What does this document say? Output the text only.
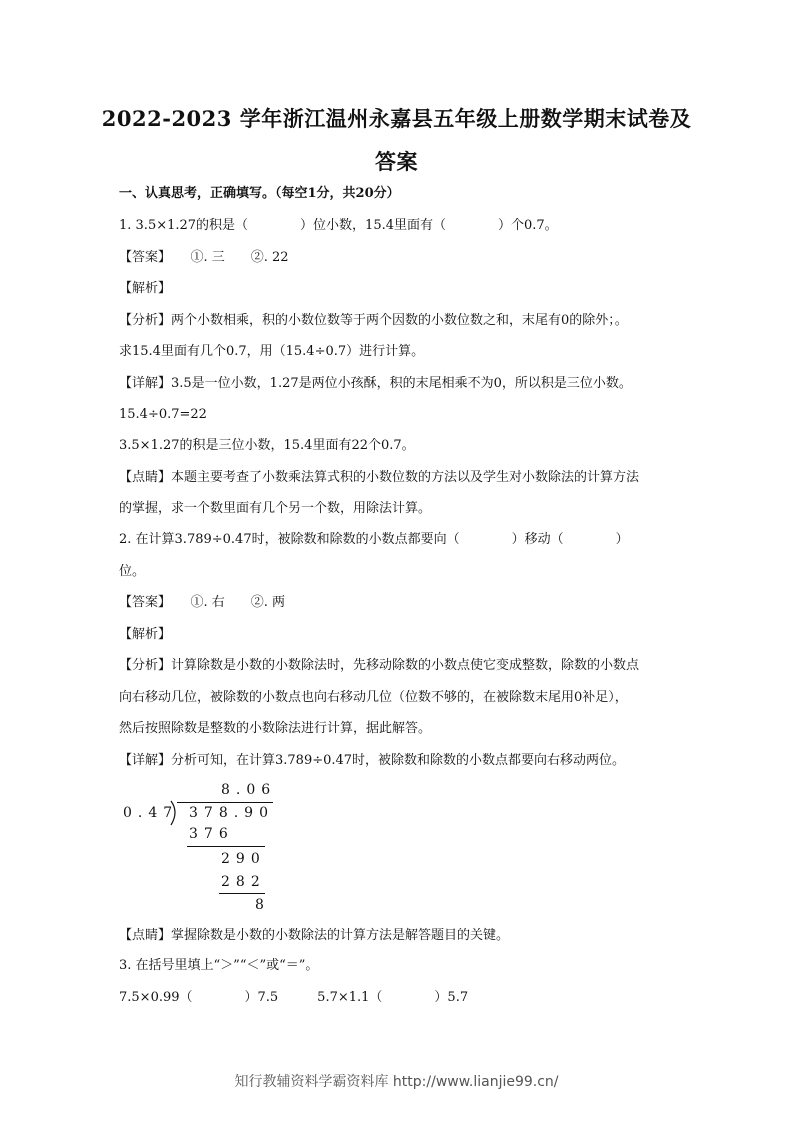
2022-2023 学年浙江温州永嘉县五年级上册数学期末试卷及
答案
一、认真思考，正确填写。（每空1分，共20分）
1. 3.5×1.27的积是（　　　　）位小数，15.4里面有（　　　　）个0.7。
【答案】　　①. 三　　②. 22
【解析】
【分析】两个小数相乘，积的小数位数等于两个因数的小数位数之和，末尾有0的除外；。
求15.4里面有几个0.7，用（15.4÷0.7）进行计算。
【详解】3.5是一位小数，1.27是两位小孩酥，积的末尾相乘不为0，所以积是三位小数。
15.4÷0.7=22
3.5×1.27的积是三位小数，15.4里面有22个0.7。
【点睛】本题主要考查了小数乘法算式积的小数位数的方法以及学生对小数除法的计算方法
的掌握，求一个数里面有几个另一个数，用除法计算。
2. 在计算3.789÷0.47时，被除数和除数的小数点都要向（　　　　）移动（　　　　）
位。
【答案】　　①. 右　　②. 两
【解析】
【分析】计算除数是小数的小数除法时，先移动除数的小数点使它变成整数，除数的小数点
向右移动几位，被除数的小数点也向右移动几位（位数不够的，在被除数末尾用0补足），
然后按照除数是整数的小数除法进行计算，据此解答。
【详解】分析可知，在计算3.789÷0.47时，被除数和除数的小数点都要向右移动两位。
8.06
0.47 378.90
376
290
282
8
【点睛】掌握除数是小数的小数除法的计算方法是解答题目的关键。
3. 在括号里填上“＞”“＜”或“＝”。
7.5×0.99（　　　　）7.5　　　5.7×1.1（　　　　）5.7
知行教辅资料学霸资料库 http://www.lianjie99.cn/
